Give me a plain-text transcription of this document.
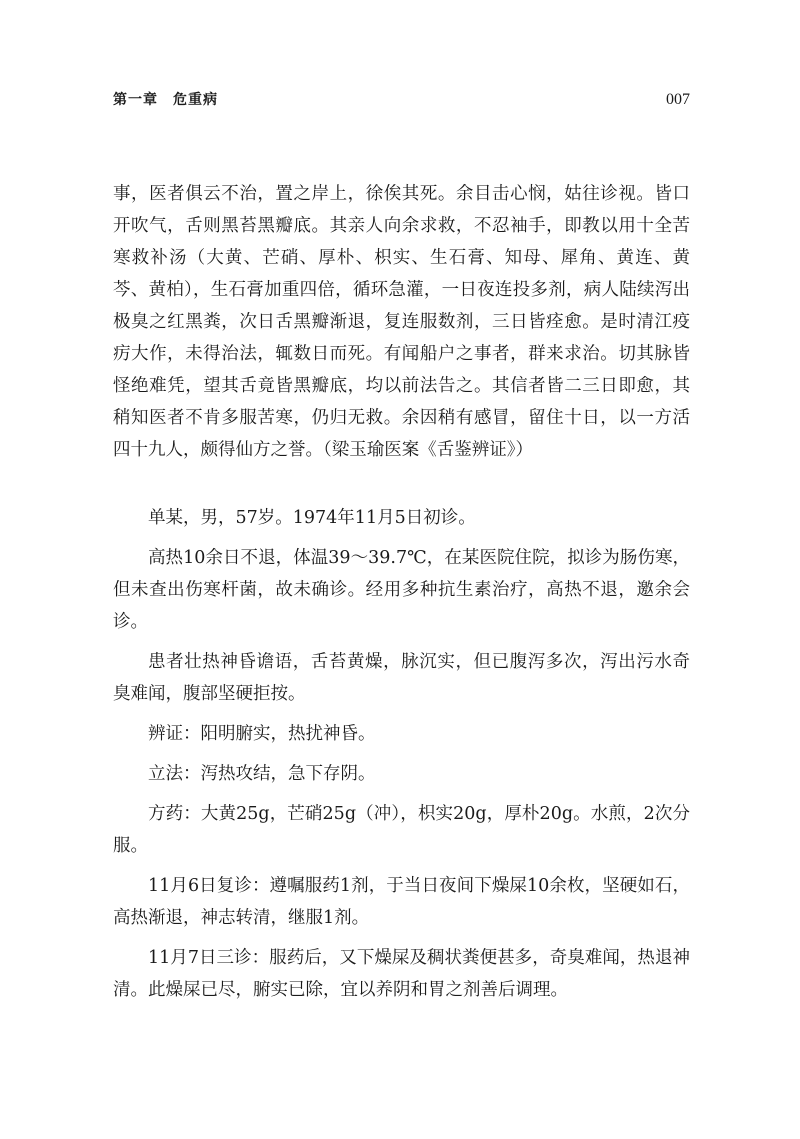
第一章　危重病	007

事，医者俱云不治，置之岸上，徐俟其死。余目击心悯，姑往诊视。皆口开吹气，舌则黑苔黑瓣底。其亲人向余求救，不忍袖手，即教以用十全苦寒救补汤（大黄、芒硝、厚朴、枳实、生石膏、知母、犀角、黄连、黄芩、黄柏），生石膏加重四倍，循环急灌，一日夜连投多剂，病人陆续泻出极臭之红黑粪，次日舌黑瓣渐退，复连服数剂，三日皆痊愈。是时清江疫疠大作，未得治法，辄数日而死。有闻船户之事者，群来求治。切其脉皆怪绝难凭，望其舌竟皆黑瓣底，均以前法告之。其信者皆二三日即愈，其稍知医者不肯多服苦寒，仍归无救。余因稍有感冒，留住十日，以一方活四十九人，颇得仙方之誉。（梁玉瑜医案《舌鉴辨证》）

单某，男，57岁。1974年11月5日初诊。

高热10余日不退，体温39～39.7℃，在某医院住院，拟诊为肠伤寒，但未查出伤寒杆菌，故未确诊。经用多种抗生素治疗，高热不退，邀余会诊。

患者壮热神昏谵语，舌苔黄燥，脉沉实，但已腹泻多次，泻出污水奇臭难闻，腹部坚硬拒按。

辨证：阳明腑实，热扰神昏。

立法：泻热攻结，急下存阴。

方药：大黄25g，芒硝25g（冲），枳实20g，厚朴20g。水煎，2次分服。

11月6日复诊：遵嘱服药1剂，于当日夜间下燥屎10余枚，坚硬如石，高热渐退，神志转清，继服1剂。

11月7日三诊：服药后，又下燥屎及稠状粪便甚多，奇臭难闻，热退神清。此燥屎已尽，腑实已除，宜以养阴和胃之剂善后调理。
